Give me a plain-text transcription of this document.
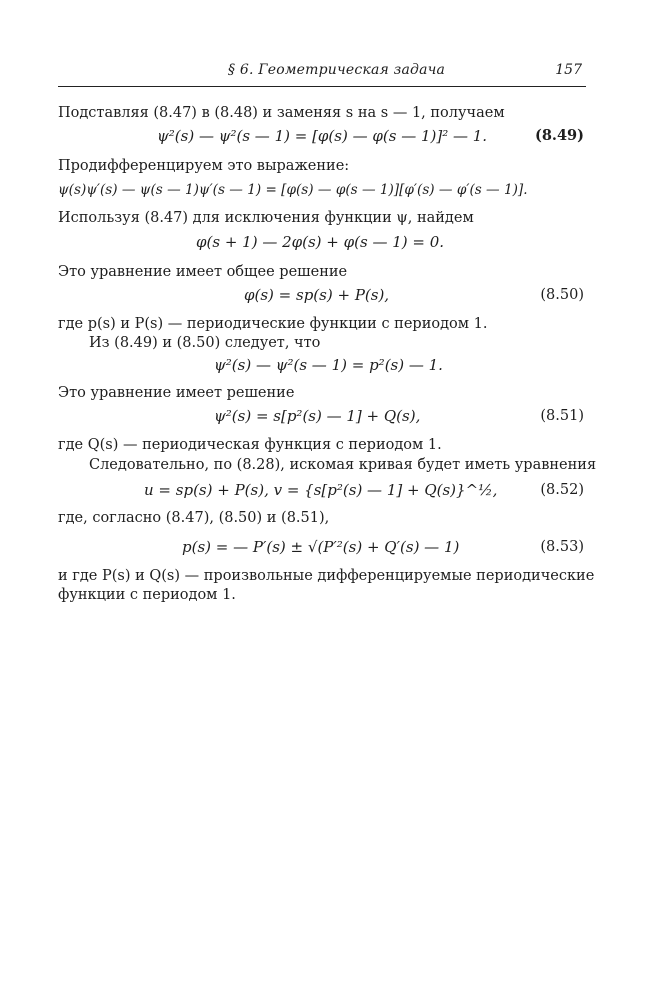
§ 6. Геометрическая задача	157
Подставляя (8.47) в (8.48) и заменяя s на s — 1, получаем
ψ²(s) — ψ²(s — 1) = [φ(s) — φ(s — 1)]² — 1.	(8.49)
Продифференцируем это выражение:
ψ(s)ψ′(s) — ψ(s — 1)ψ′(s — 1) = [φ(s) — φ(s — 1)][φ′(s) — φ′(s — 1)].
Используя (8.47) для исключения функции ψ, найдем
φ(s + 1) — 2φ(s) + φ(s — 1) = 0.
Это уравнение имеет общее решение
φ(s) = sp(s) + P(s),	(8.50)
где p(s) и P(s) — периодические функции с периодом 1.
Из (8.49) и (8.50) следует, что
ψ²(s) — ψ²(s — 1) = p²(s) — 1.
Это уравнение имеет решение
ψ²(s) = s[p²(s) — 1] + Q(s),	(8.51)
где Q(s) — периодическая функция с периодом 1.
Следовательно, по (8.28), искомая кривая будет иметь уравнения
u = sp(s) + P(s), v = {s[p²(s) — 1] + Q(s)}^½,	(8.52)
где, согласно (8.47), (8.50) и (8.51),
p(s) = — P′(s) ± √(P′²(s) + Q′(s) — 1)	(8.53)
и где P(s) и Q(s) — произвольные дифференцируемые периодические
функции с периодом 1.
